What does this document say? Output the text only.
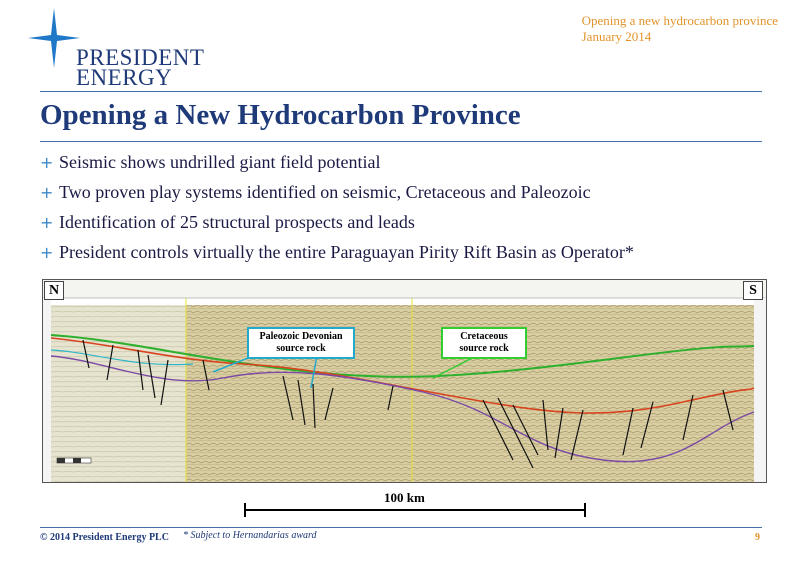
PRESIDENT
ENERGY
Opening a new hydrocarbon province
January 2014
Opening a New Hydrocarbon Province
+ Seismic shows undrilled giant field potential
+ Two proven play systems identified on seismic, Cretaceous and Paleozoic
+ Identification of 25 structural prospects and leads
+ President controls virtually the entire Paraguayan Pirity Rift Basin as Operator*
N	S
Paleozoic Devonian source rock
Cretaceous source rock
100 km
© 2014 President Energy PLC * Subject to Hernandarias award	9
